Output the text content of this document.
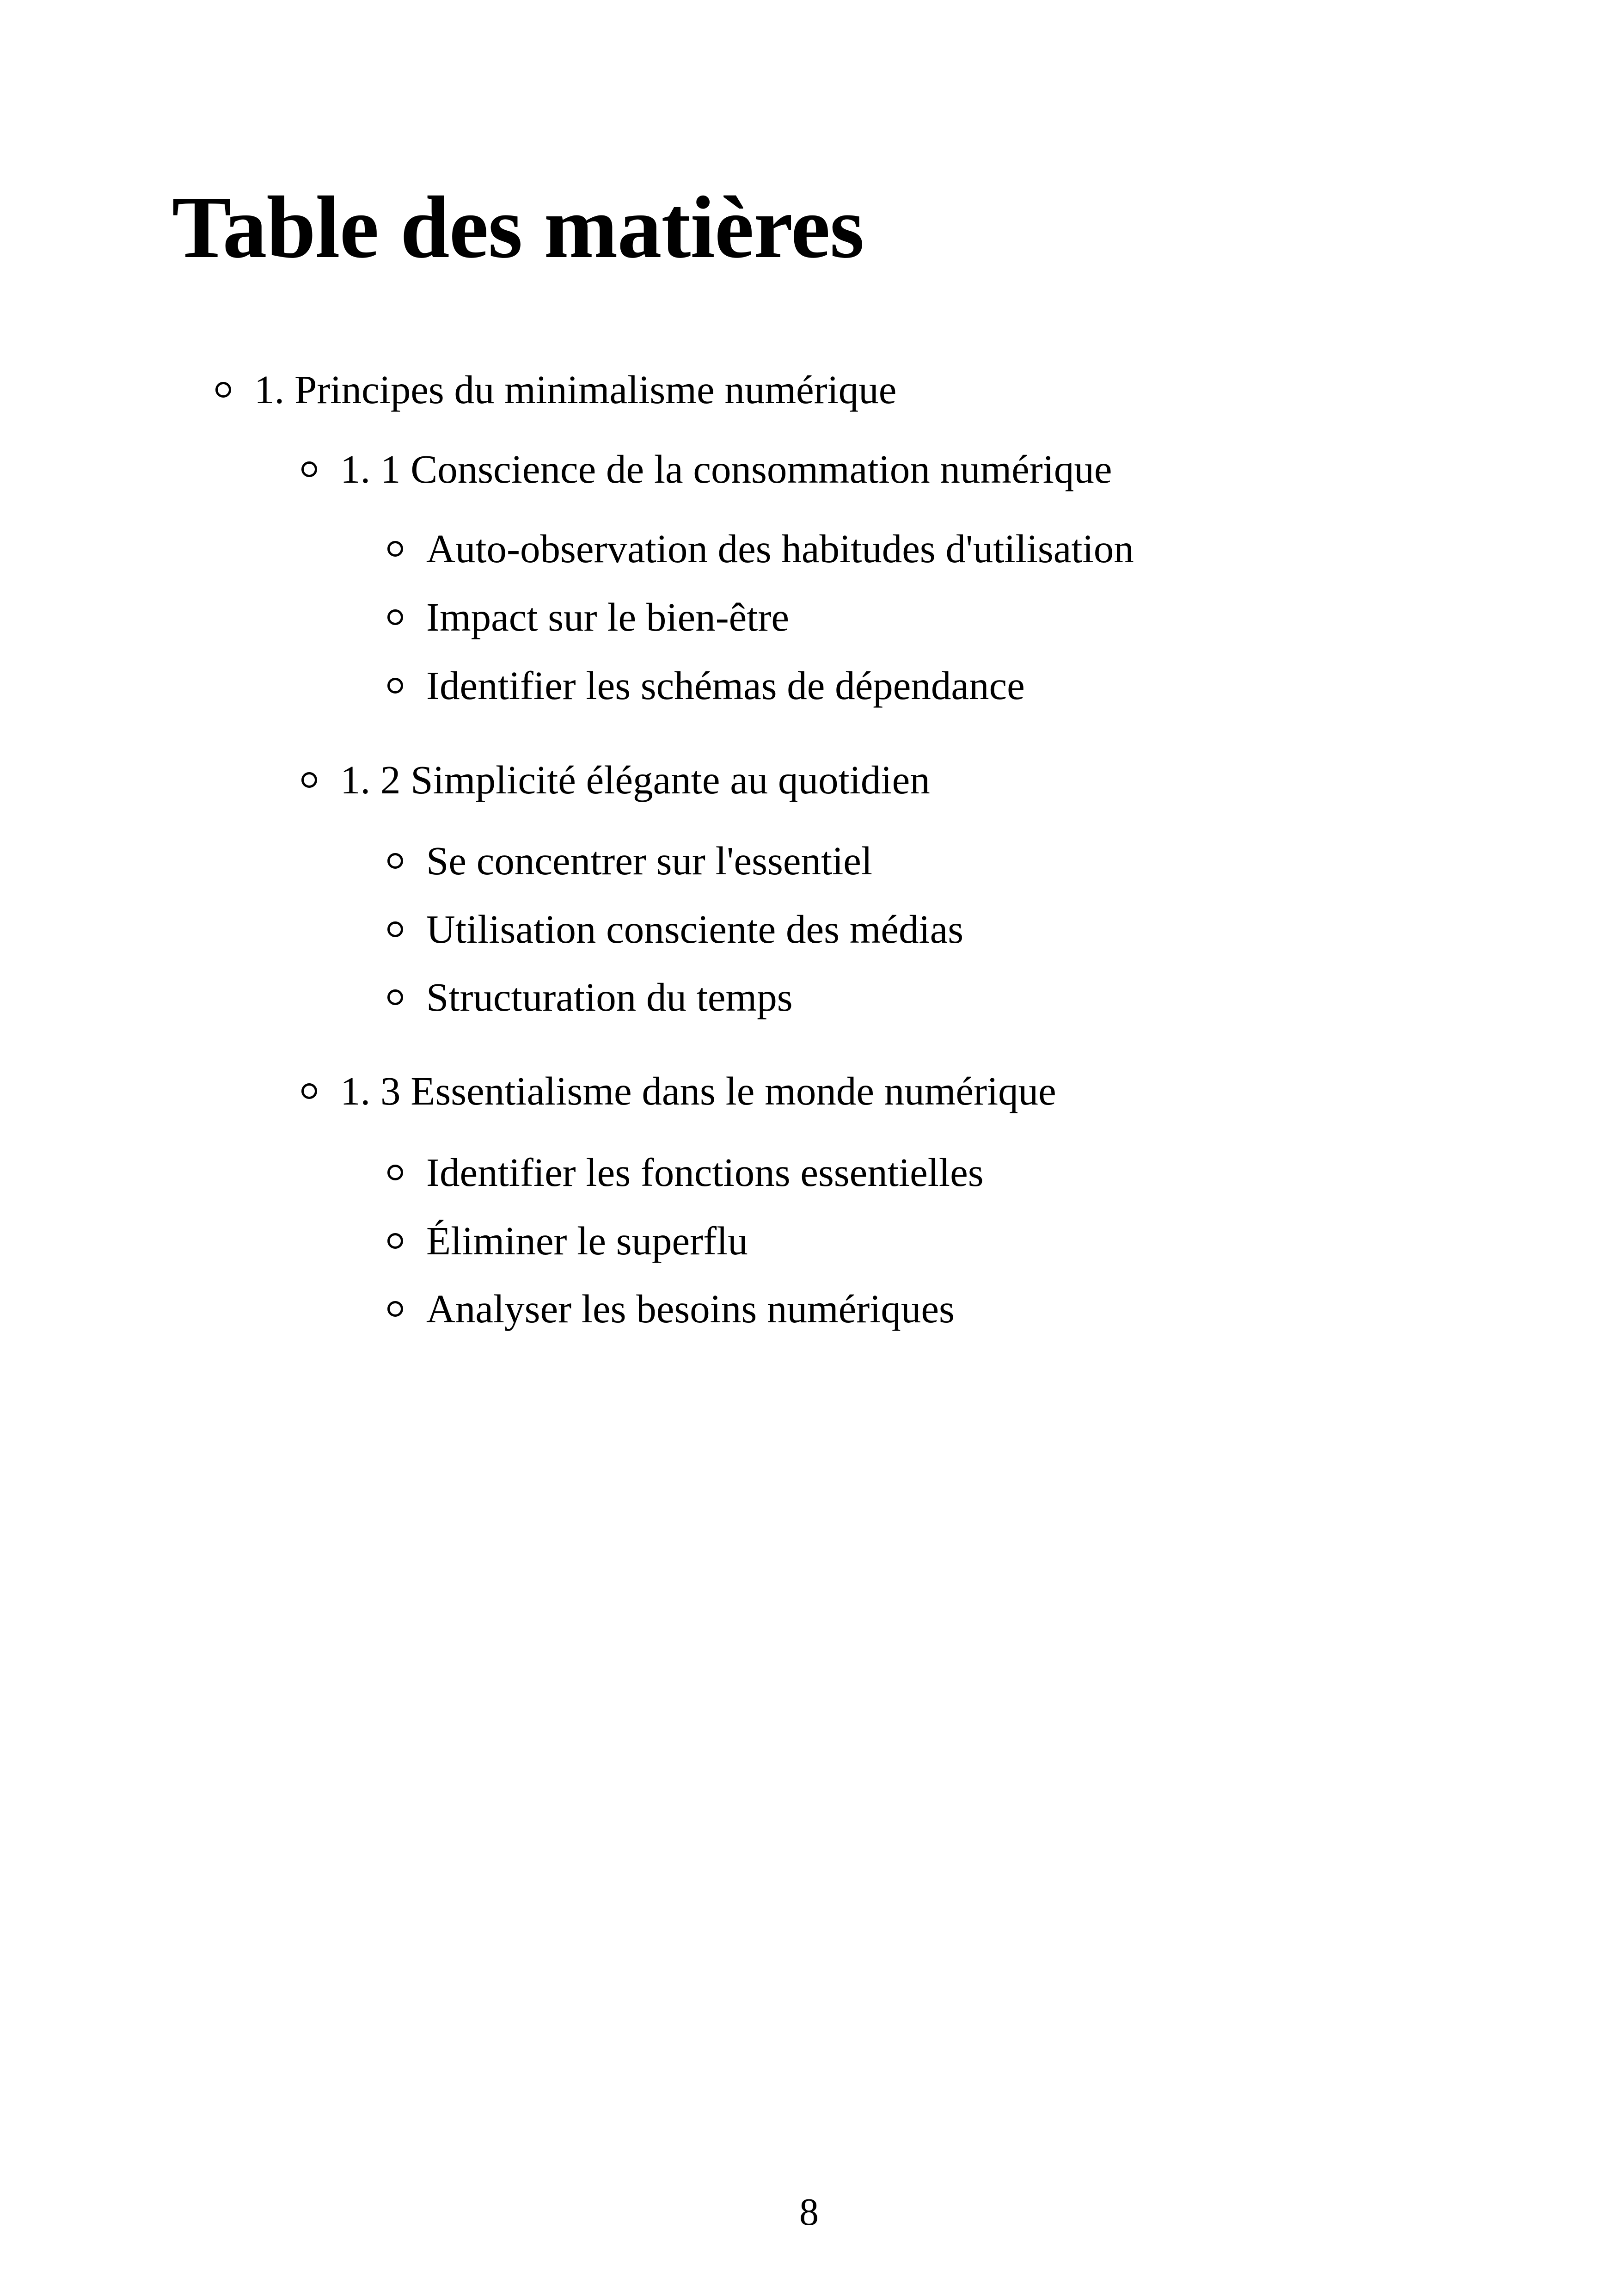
Table des matières
1. Principes du minimalisme numérique
1. 1 Conscience de la consommation numérique
Auto-observation des habitudes d'utilisation
Impact sur le bien-être
Identifier les schémas de dépendance
1. 2 Simplicité élégante au quotidien
Se concentrer sur l'essentiel
Utilisation consciente des médias
Structuration du temps
1. 3 Essentialisme dans le monde numérique
Identifier les fonctions essentielles
Éliminer le superflu
Analyser les besoins numériques
8
